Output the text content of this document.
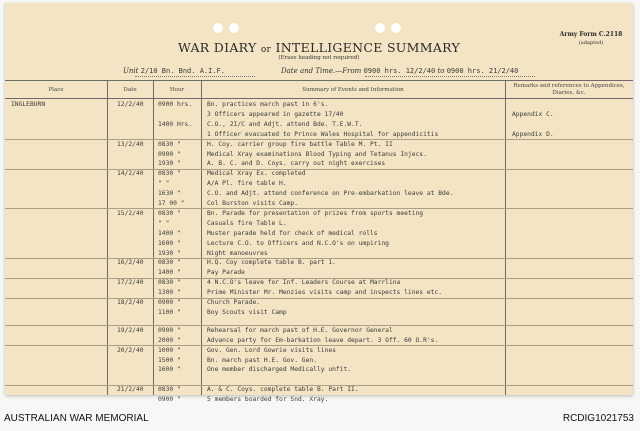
Army Form C.2118
(adapted)
WAR DIARY or INTELLIGENCE SUMMARY
(Erase heading not required)
Unit 2/10 Bn. Bnd. A.I.F.	Date and Time.—From 0900 hrs. 12/2/40 to 0900 hrs. 21/2/40
Place	Date	Hour	Summary of Events and Information
Remarks and references to Appendices, Diaries, &c.
INGLEBURN	12/2/40	0900 hrs.	Bn. practices march past in 6's.
3 Officers appeared in gazette 17/40	Appendix C.
1400 Hrs.	C.O., 2I/C and Adjt. attend Bde. T.E.W.T.
1 Officer evacuated to Prince Wales Hospital for appendicitis	Appendix D.
13/2/40	0830 "	H. Coy. carrier group fire battle Table M. Pt. II
0900 "	Medical Xray examinations Blood Typing and Tetanus Injecs.
1930 "	A. B. C. and D. Coys. carry out night exercises
14/2/40	0830 "	Medical Xray Ex. completed
" "	A/A Pl. fire table H.
1630 "	C.O. and Adjt. attend conference on Pre-embarkation leave at Bde.
17 00 "	Col Burston visits Camp.
15/2/40	0830 "	Bn. Parade for presentation of prizes from sports meeting
" "	Casuals fire Table L.
1400 "	Muster parade held for check of medical rolls
1600 "	Lecture C.O. to Officers and N.C.O's on umpiring
1930 "	Night manoeuvres
16/2/40	0830 "	H.Q. Coy complete table B. part 1.
1400 "	Pay Parade
17/2/40	0830 "	4 N.C.O's leave for Inf. Leaders Course at Marrlina
1300 "	Prime Minister Mr. Menzies visits camp and inspects lines etc.
18/2/40	0900 "	Church Parade.
1100 "	Boy Scouts visit Camp
19/2/40	0900 "	Rehearsal for march past of H.E. Governor General
2000 "	Advance party for Em-barkation leave depart. 3 Off. 60 O.R's.
20/2/40	1000 "	Gov. Gen. Lord Gowrie visits lines
1500 "	Bn. march past H.E. Gov. Gen.
1600 "	One member discharged Medically unfit.
21/2/40	0830 "	A. & C. Coys. complete table B. Part II.
0900 "	5 members boarded for Snd. Xray.
AUSTRALIAN WAR MEMORIAL	RCDIG1021753
